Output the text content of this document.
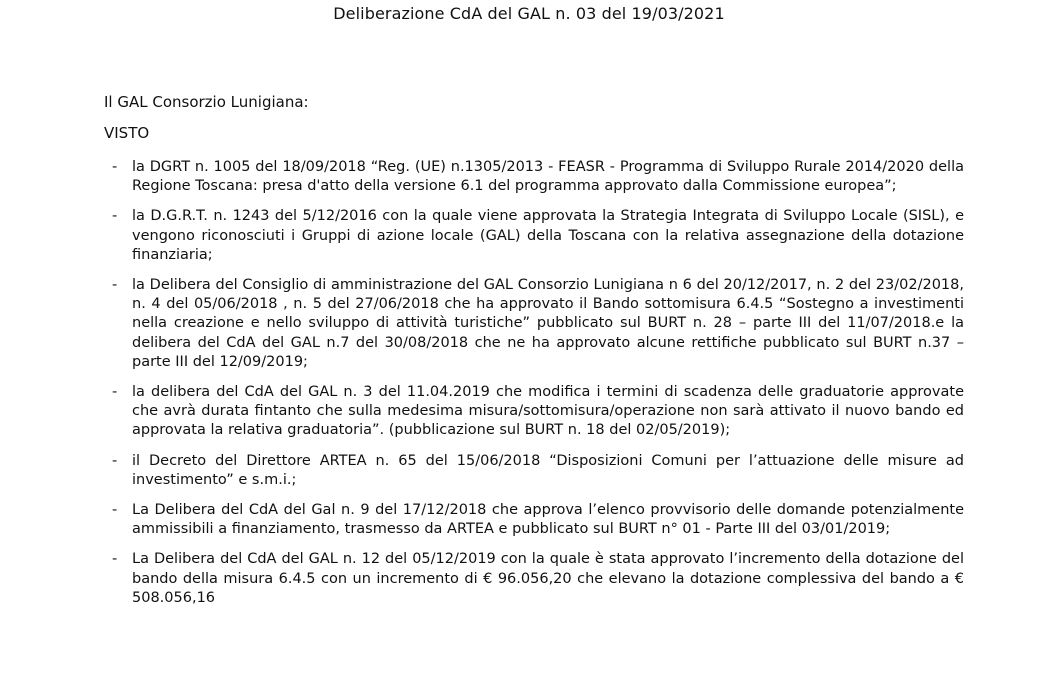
Deliberazione CdA del GAL n. 03 del 19/03/2021
Il GAL Consorzio Lunigiana:
VISTO
- la DGRT n. 1005 del 18/09/2018 “Reg. (UE) n.1305/2013 - FEASR - Programma di Sviluppo Rurale 2014/2020 della Regione Toscana: presa d'atto della versione 6.1 del programma approvato dalla Commissione europea”;
- la D.G.R.T. n. 1243 del 5/12/2016 con la quale viene approvata la Strategia Integrata di Sviluppo Locale (SISL), e vengono riconosciuti i Gruppi di azione locale (GAL) della Toscana con la relativa assegnazione della dotazione finanziaria;
- la Delibera del Consiglio di amministrazione del GAL Consorzio Lunigiana n 6 del 20/12/2017, n. 2 del 23/02/2018, n. 4 del 05/06/2018 , n. 5 del 27/06/2018 che ha approvato il Bando sottomisura 6.4.5 “Sostegno a investimenti nella creazione e nello sviluppo di attività turistiche” pubblicato sul BURT n. 28 – parte III del 11/07/2018.e la delibera del CdA del GAL n.7 del 30/08/2018 che ne ha approvato alcune rettifiche pubblicato sul BURT n.37 – parte III del 12/09/2019;
- la delibera del CdA del GAL n. 3 del 11.04.2019 che modifica i termini di scadenza delle graduatorie approvate che avrà durata fintanto che sulla medesima misura/sottomisura/operazione non sarà attivato il nuovo bando ed approvata la relativa graduatoria”. (pubblicazione sul BURT n. 18 del 02/05/2019);
- il Decreto del Direttore ARTEA n. 65 del 15/06/2018 “Disposizioni Comuni per l’attuazione delle misure ad investimento” e s.m.i.;
- La Delibera del CdA del Gal n. 9 del 17/12/2018 che approva l’elenco provvisorio delle domande potenzialmente ammissibili a finanziamento, trasmesso da ARTEA e pubblicato sul BURT n° 01 - Parte III del 03/01/2019;
- La Delibera del CdA del GAL n. 12 del 05/12/2019 con la quale è stata approvato l’incremento della dotazione del bando della misura 6.4.5 con un incremento di € 96.056,20 che elevano la dotazione complessiva del bando a € 508.056,16
